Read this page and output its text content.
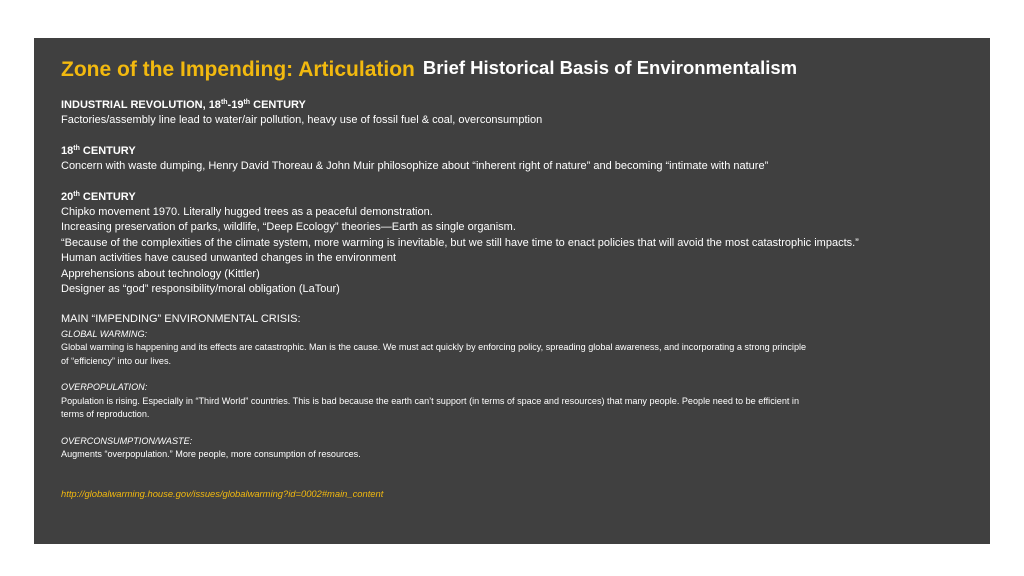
Zone of the Impending: Articulation Brief Historical Basis of Environmentalism
INDUSTRIAL REVOLUTION, 18th-19th CENTURY
Factories/assembly line lead to water/air pollution, heavy use of fossil fuel & coal, overconsumption
18th CENTURY
Concern with waste dumping, Henry David Thoreau & John Muir philosophize about “inherent right of nature” and becoming “intimate with nature”
20th CENTURY
Chipko movement 1970. Literally hugged trees as a peaceful demonstration.
Increasing preservation of parks, wildlife, “Deep Ecology” theories—Earth as single organism.
“Because of the complexities of the climate system, more warming is inevitable, but we still have time to enact policies that will avoid the most catastrophic impacts.”
Human activities have caused unwanted changes in the environment
Apprehensions about technology (Kittler)
Designer as “god” responsibility/moral obligation (LaTour)
MAIN “IMPENDING” ENVIRONMENTAL CRISIS:
GLOBAL WARMING:
Global warming is happening and its effects are catastrophic. Man is the cause. We must act quickly by enforcing policy, spreading global awareness, and incorporating a strong principle
of “efficiency” into our lives.
OVERPOPULATION:
Population is rising. Especially in “Third World” countries. This is bad because the earth can’t support (in terms of space and resources) that many people. People need to be efficient in
terms of reproduction.
OVERCONSUMPTION/WASTE:
Augments “overpopulation.” More people, more consumption of resources.
http://globalwarming.house.gov/issues/globalwarming?id=0002#main_content
